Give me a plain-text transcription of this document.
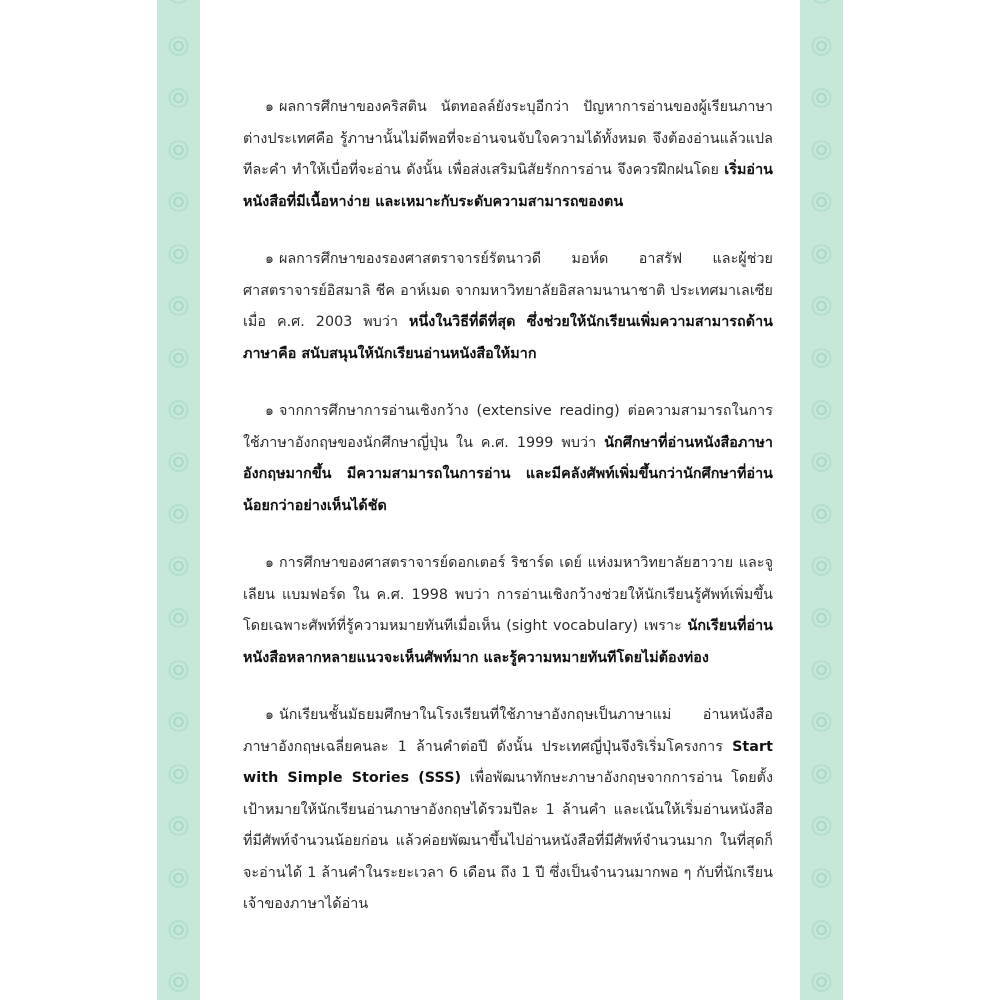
๑ ผลการศึกษาของคริสติน นัตทอลล์ยังระบุอีกว่า ปัญหาการอ่านของผู้เรียนภาษาต่างประเทศคือ รู้ภาษานั้นไม่ดีพอที่จะอ่านจนจับใจความได้ทั้งหมด จึงต้องอ่านแล้วแปลทีละคำ ทำให้เบื่อที่จะอ่าน ดังนั้น เพื่อส่งเสริมนิสัยรักการอ่าน จึงควรฝึกฝนโดย เริ่มอ่านหนังสือที่มีเนื้อหาง่าย และเหมาะกับระดับความสามารถของตน

๑ ผลการศึกษาของรองศาสตราจารย์รัตนาวดี มอห์ด อาสรัฟ และผู้ช่วยศาสตราจารย์อิสมาลิ ชีค อาห์เมด จากมหาวิทยาลัยอิสลามนานาชาติ ประเทศมาเลเซีย เมื่อ ค.ศ. 2003 พบว่า หนึ่งในวิธีที่ดีที่สุด ซึ่งช่วยให้นักเรียนเพิ่มความสามารถด้านภาษาคือ สนับสนุนให้นักเรียนอ่านหนังสือให้มาก

๑ จากการศึกษาการอ่านเชิงกว้าง (extensive reading) ต่อความสามารถในการใช้ภาษาอังกฤษของนักศึกษาญี่ปุ่น ใน ค.ศ. 1999 พบว่า นักศึกษาที่อ่านหนังสือภาษาอังกฤษมากขึ้น มีความสามารถในการอ่าน และมีคลังศัพท์เพิ่มขึ้นกว่านักศึกษาที่อ่านน้อยกว่าอย่างเห็นได้ชัด

๑ การศึกษาของศาสตราจารย์ดอกเตอร์ ริชาร์ด เดย์ แห่งมหาวิทยาลัยฮาวาย และจูเลียน แบมฟอร์ด ใน ค.ศ. 1998 พบว่า การอ่านเชิงกว้างช่วยให้นักเรียนรู้ศัพท์เพิ่มขึ้นโดยเฉพาะศัพท์ที่รู้ความหมายทันทีเมื่อเห็น (sight vocabulary) เพราะ นักเรียนที่อ่านหนังสือหลากหลายแนวจะเห็นศัพท์มาก และรู้ความหมายทันทีโดยไม่ต้องท่อง

๑ นักเรียนชั้นมัธยมศึกษาในโรงเรียนที่ใช้ภาษาอังกฤษเป็นภาษาแม่ อ่านหนังสือภาษาอังกฤษเฉลี่ยคนละ 1 ล้านคำต่อปี ดังนั้น ประเทศญี่ปุ่นจึงริเริ่มโครงการ Start with Simple Stories (SSS) เพื่อพัฒนาทักษะภาษาอังกฤษจากการอ่าน โดยตั้งเป้าหมายให้นักเรียนอ่านภาษาอังกฤษได้รวมปีละ 1 ล้านคำ และเน้นให้เริ่มอ่านหนังสือที่มีศัพท์จำนวนน้อยก่อน แล้วค่อยพัฒนาขึ้นไปอ่านหนังสือที่มีศัพท์จำนวนมาก ในที่สุดก็จะอ่านได้ 1 ล้านคำในระยะเวลา 6 เดือน ถึง 1 ปี ซึ่งเป็นจำนวนมากพอ ๆ กับที่นักเรียนเจ้าของภาษาได้อ่าน
